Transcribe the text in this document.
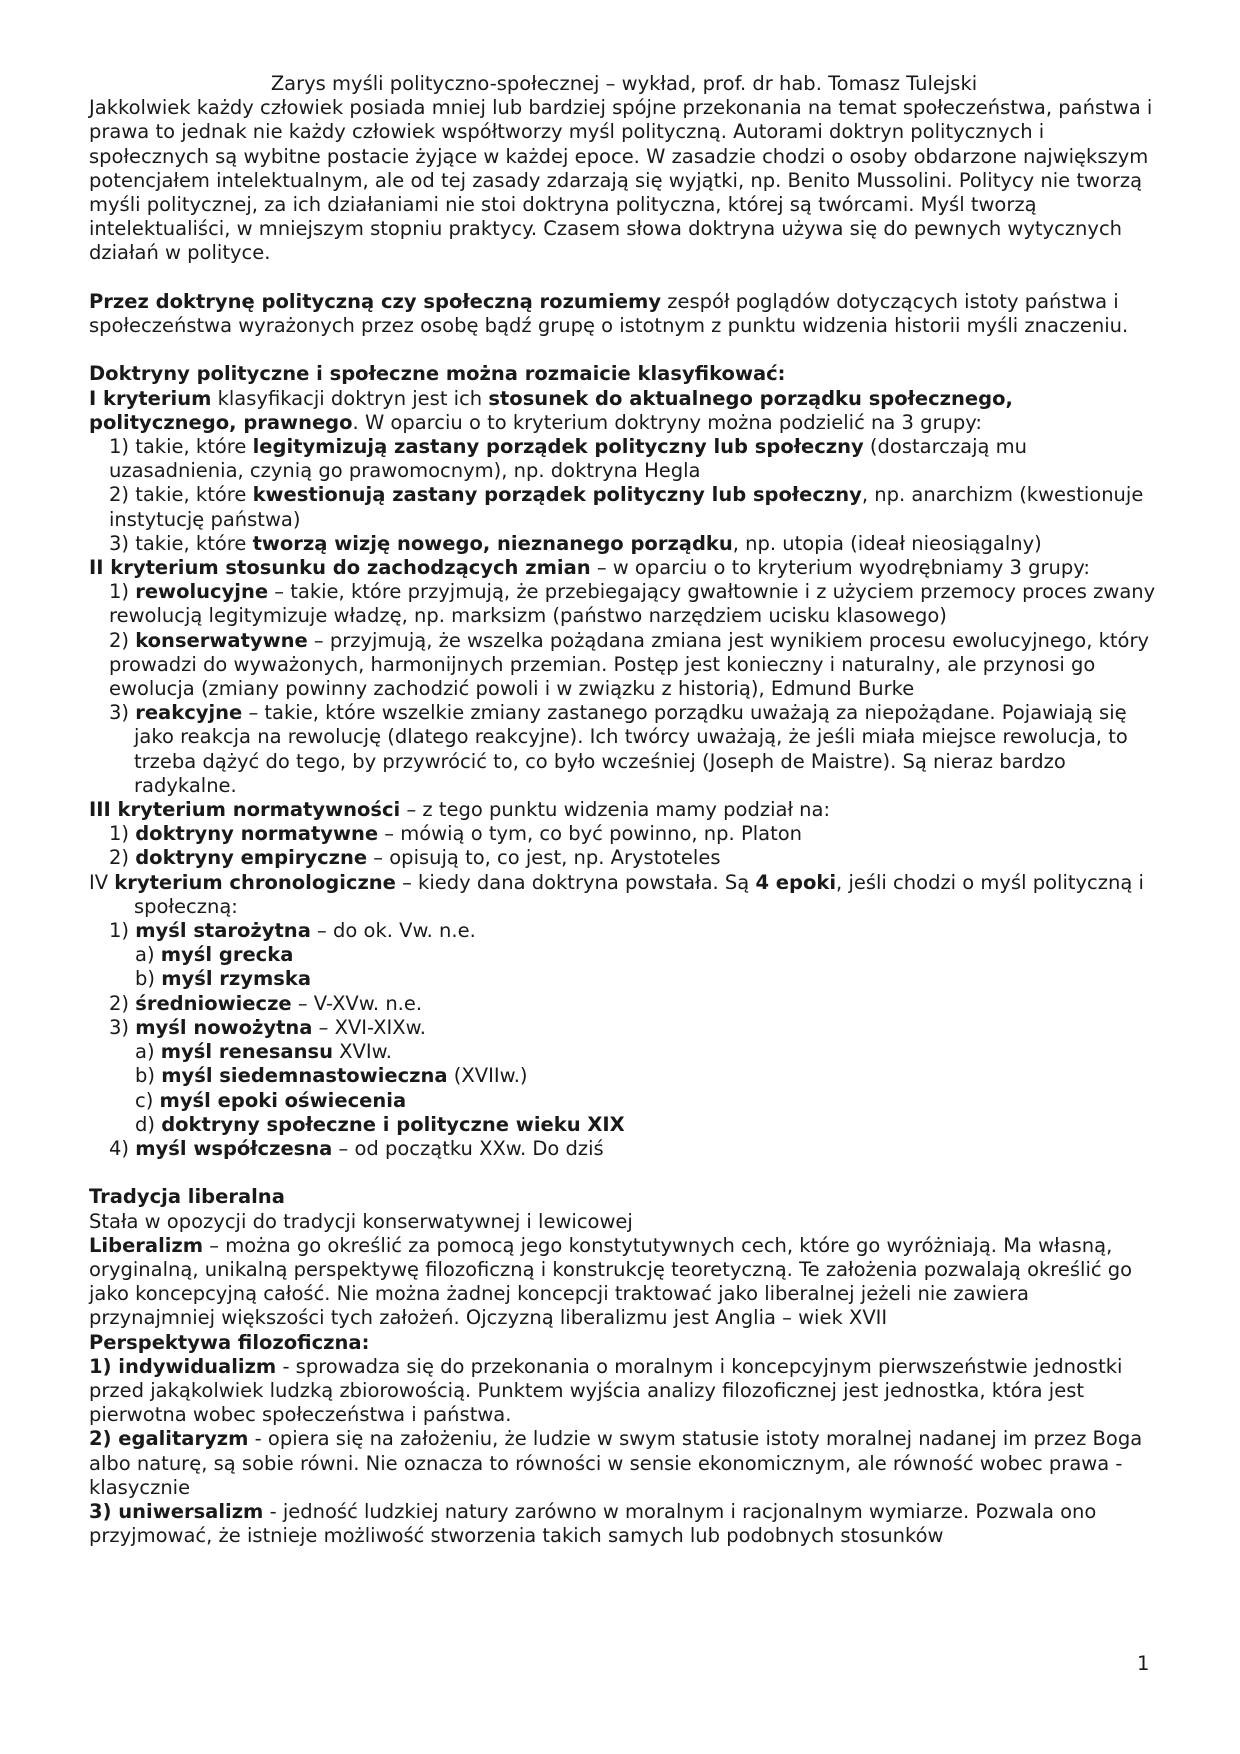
Zarys myśli polityczno-społecznej – wykład, prof. dr hab. Tomasz Tulejski

Jakkolwiek każdy człowiek posiada mniej lub bardziej spójne przekonania na temat społeczeństwa, państwa i prawa to jednak nie każdy człowiek współtworzy myśl polityczną. Autorami doktryn politycznych i społecznych są wybitne postacie żyjące w każdej epoce. W zasadzie chodzi o osoby obdarzone największym potencjałem intelektualnym, ale od tej zasady zdarzają się wyjątki, np. Benito Mussolini. Politycy nie tworzą myśli politycznej, za ich działaniami nie stoi doktryna polityczna, której są twórcami. Myśl tworzą intelektualiści, w mniejszym stopniu praktycy. Czasem słowa doktryna używa się do pewnych wytycznych działań w polityce.

Przez doktrynę polityczną czy społeczną rozumiemy zespół poglądów dotyczących istoty państwa i społeczeństwa wyrażonych przez osobę bądź grupę o istotnym z punktu widzenia historii myśli znaczeniu.

Doktryny polityczne i społeczne można rozmaicie klasyfikować:

I kryterium klasyfikacji doktryn jest ich stosunek do aktualnego porządku społecznego, politycznego, prawnego. W oparciu o to kryterium doktryny można podzielić na 3 grupy:

1) takie, które legitymizują zastany porządek polityczny lub społeczny (dostarczają mu uzasadnienia, czynią go prawomocnym), np. doktryna Hegla

2) takie, które kwestionują zastany porządek polityczny lub społeczny, np. anarchizm (kwestionuje instytucję państwa)

3) takie, które tworzą wizję nowego, nieznanego porządku, np. utopia (ideał nieosiągalny)

II kryterium stosunku do zachodzących zmian – w oparciu o to kryterium wyodrębniamy 3 grupy:

1) rewolucyjne – takie, które przyjmują, że przebiegający gwałtownie i z użyciem przemocy proces zwany rewolucją legitymizuje władzę, np. marksizm (państwo narzędziem ucisku klasowego)

2) konserwatywne – przyjmują, że wszelka pożądana zmiana jest wynikiem procesu ewolucyjnego, który prowadzi do wyważonych, harmonijnych przemian. Postęp jest konieczny i naturalny, ale przynosi go ewolucja (zmiany powinny zachodzić powoli i w związku z historią), Edmund Burke

3) reakcyjne – takie, które wszelkie zmiany zastanego porządku uważają za niepożądane. Pojawiają się jako reakcja na rewolucję (dlatego reakcyjne). Ich twórcy uważają, że jeśli miała miejsce rewolucja, to trzeba dążyć do tego, by przywrócić to, co było wcześniej (Joseph de Maistre). Są nieraz bardzo radykalne.

III kryterium normatywności – z tego punktu widzenia mamy podział na:

1) doktryny normatywne – mówią o tym, co być powinno, np. Platon

2) doktryny empiryczne – opisują to, co jest, np. Arystoteles

IV kryterium chronologiczne – kiedy dana doktryna powstała. Są 4 epoki, jeśli chodzi o myśl polityczną i społeczną:

1) myśl starożytna – do ok. Vw. n.e.

a) myśl grecka

b) myśl rzymska

2) średniowiecze – V-XVw. n.e.

3) myśl nowożytna – XVI-XIXw.

a) myśl renesansu XVIw.

b) myśl siedemnastowieczna (XVIIw.)

c) myśl epoki oświecenia

d) doktryny społeczne i polityczne wieku XIX

4) myśl współczesna – od początku XXw. Do dziś

Tradycja liberalna

Stała w opozycji do tradycji konserwatywnej i lewicowej

Liberalizm – można go określić za pomocą jego konstytutywnych cech, które go wyróżniają. Ma własną, oryginalną, unikalną perspektywę filozoficzną i konstrukcję teoretyczną. Te założenia pozwalają określić go jako koncepcyjną całość. Nie można żadnej koncepcji traktować jako liberalnej jeżeli nie zawiera przynajmniej większości tych założeń. Ojczyzną liberalizmu jest Anglia – wiek XVII

Perspektywa filozoficzna:

1) indywidualizm - sprowadza się do przekonania o moralnym i koncepcyjnym pierwszeństwie jednostki przed jakąkolwiek ludzką zbiorowością. Punktem wyjścia analizy filozoficznej jest jednostka, która jest pierwotna wobec społeczeństwa i państwa.

2) egalitaryzm - opiera się na założeniu, że ludzie w swym statusie istoty moralnej nadanej im przez Boga albo naturę, są sobie równi. Nie oznacza to równości w sensie ekonomicznym, ale równość wobec prawa - klasycznie

3) uniwersalizm - jedność ludzkiej natury zarówno w moralnym i racjonalnym wymiarze. Pozwala ono przyjmować, że istnieje możliwość stworzenia takich samych lub podobnych stosunków

1
